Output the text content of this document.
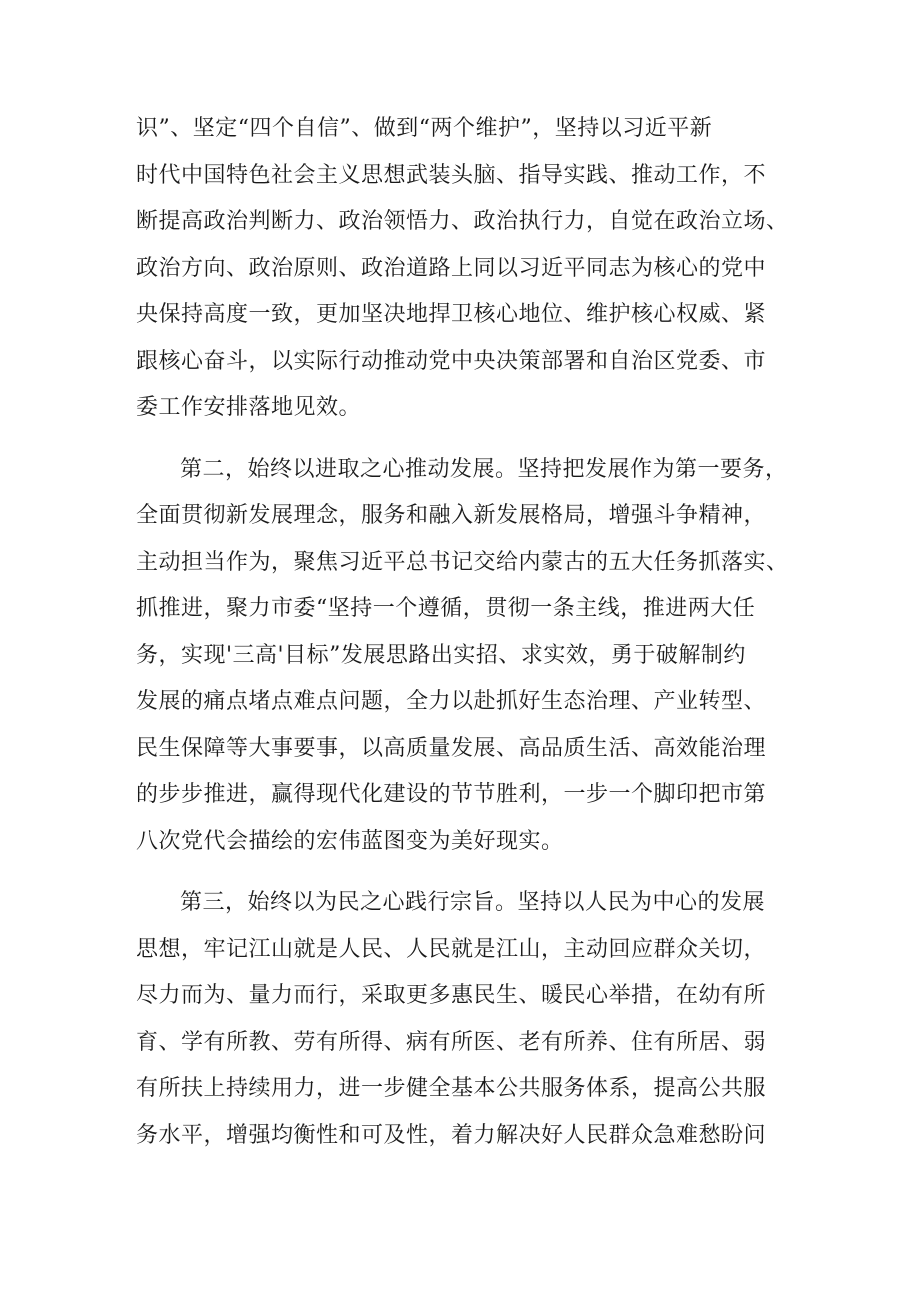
识”、坚定“四个自信”、做到“两个维护”，坚持以习近平新
时代中国特色社会主义思想武装头脑、指导实践、推动工作，不
断提高政治判断力、政治领悟力、政治执行力，自觉在政治立场、
政治方向、政治原则、政治道路上同以习近平同志为核心的党中
央保持高度一致，更加坚决地捍卫核心地位、维护核心权威、紧
跟核心奋斗，以实际行动推动党中央决策部署和自治区党委、市
委工作安排落地见效。
第二，始终以进取之心推动发展。坚持把发展作为第一要务，
全面贯彻新发展理念，服务和融入新发展格局，增强斗争精神，
主动担当作为，聚焦习近平总书记交给内蒙古的五大任务抓落实、
抓推进，聚力市委“坚持一个遵循，贯彻一条主线，推进两大任
务，实现'三高'目标”发展思路出实招、求实效，勇于破解制约
发展的痛点堵点难点问题，全力以赴抓好生态治理、产业转型、
民生保障等大事要事，以高质量发展、高品质生活、高效能治理
的步步推进，赢得现代化建设的节节胜利，一步一个脚印把市第
八次党代会描绘的宏伟蓝图变为美好现实。
第三，始终以为民之心践行宗旨。坚持以人民为中心的发展
思想，牢记江山就是人民、人民就是江山，主动回应群众关切，
尽力而为、量力而行，采取更多惠民生、暖民心举措，在幼有所
育、学有所教、劳有所得、病有所医、老有所养、住有所居、弱
有所扶上持续用力，进一步健全基本公共服务体系，提高公共服
务水平，增强均衡性和可及性，着力解决好人民群众急难愁盼问
